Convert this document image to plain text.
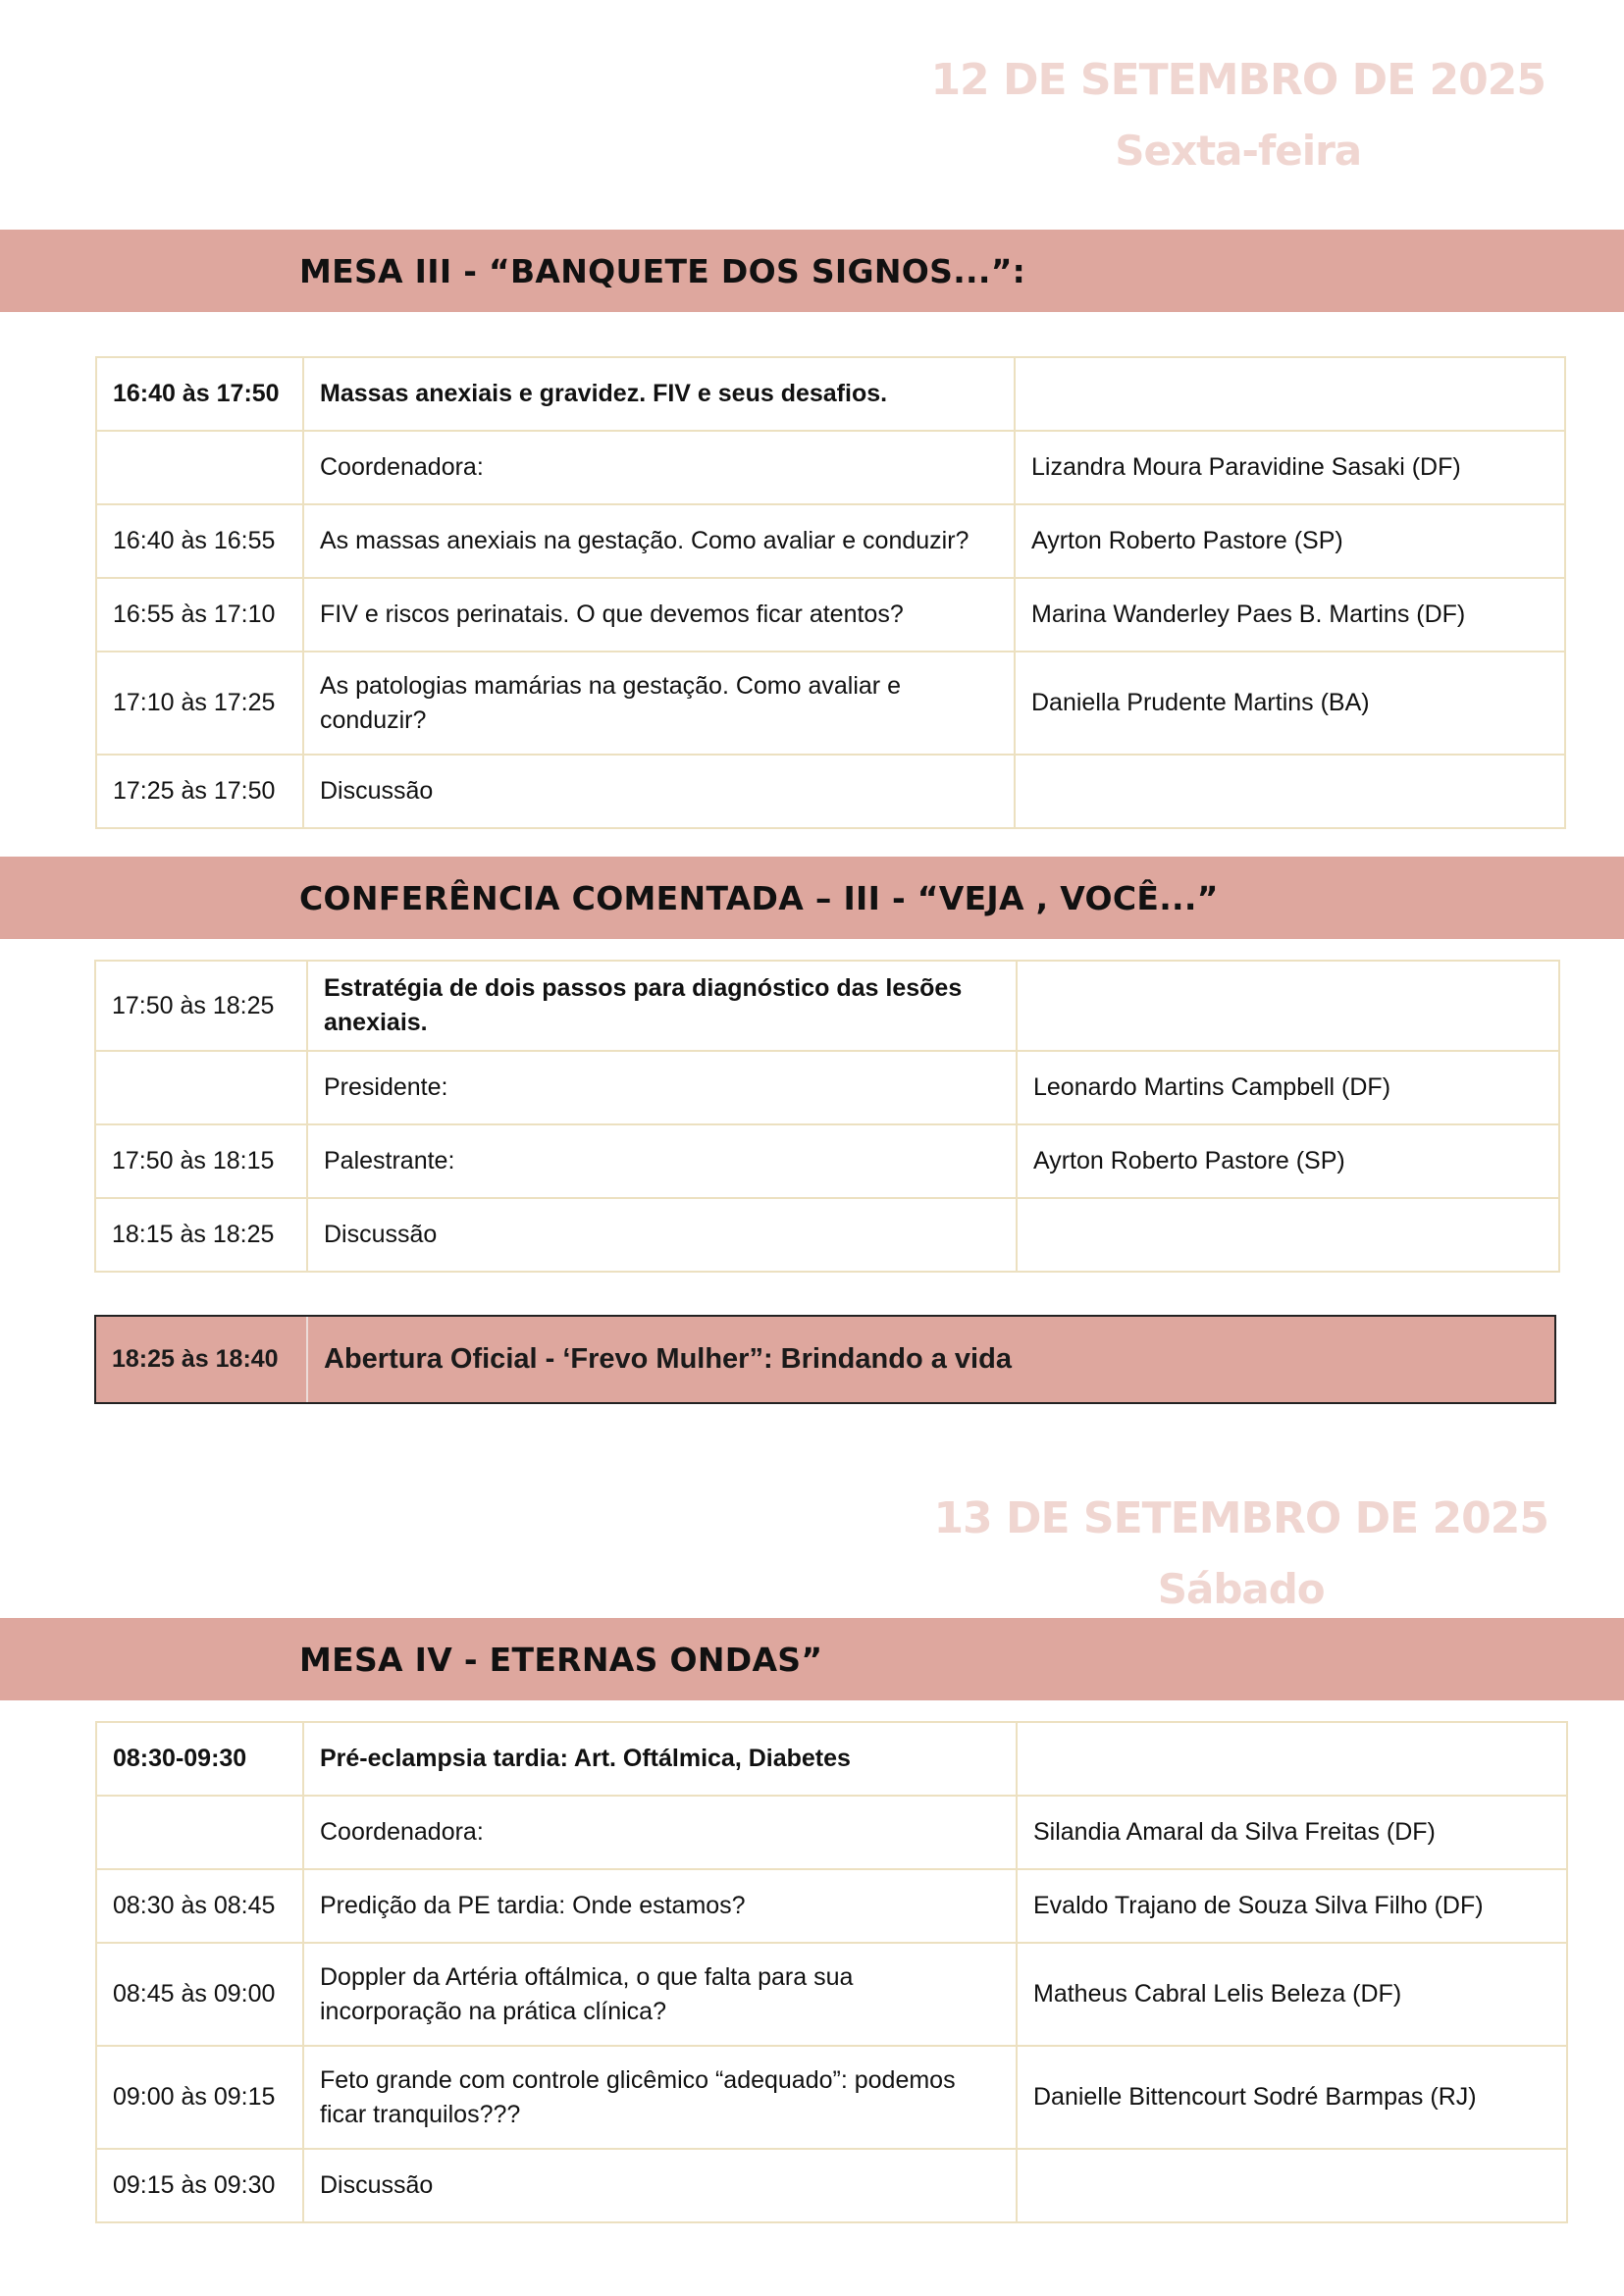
12 DE SETEMBRO DE 2025
Sexta-feira
MESA III - “BANQUETE DOS SIGNOS...”:
16:40 às 17:50	Massas anexiais e gravidez. FIV e seus desafios.	
	Coordenadora:	Lizandra Moura Paravidine Sasaki (DF)
16:40 às 16:55	As massas anexiais na gestação. Como avaliar e conduzir?	Ayrton Roberto Pastore (SP)
16:55 às 17:10	FIV e riscos perinatais. O que devemos ficar atentos?	Marina Wanderley Paes B. Martins (DF)
17:10 às 17:25	As patologias mamárias na gestação. Como avaliar e conduzir?	Daniella Prudente Martins (BA)
17:25 às 17:50	Discussão	
CONFERÊNCIA COMENTADA – III - “VEJA , VOCÊ...”
17:50 às 18:25	Estratégia de dois passos para diagnóstico das lesões anexiais.	
	Presidente:	Leonardo Martins Campbell (DF)
17:50 às 18:15	Palestrante:	Ayrton Roberto Pastore (SP)
18:15 às 18:25	Discussão	
18:25 às 18:40	Abertura Oficial - ‘Frevo Mulher”: Brindando a vida
13 DE SETEMBRO DE 2025
Sábado
MESA IV - ETERNAS ONDAS”
08:30-09:30	Pré-eclampsia tardia: Art. Oftálmica, Diabetes	
	Coordenadora:	Silandia Amaral da Silva Freitas (DF)
08:30 às 08:45	Predição da PE tardia: Onde estamos?	Evaldo Trajano de Souza Silva Filho (DF)
08:45 às 09:00	Doppler da Artéria oftálmica, o que falta para sua incorporação na prática clínica?	Matheus Cabral Lelis Beleza (DF)
09:00 às 09:15	Feto grande com controle glicêmico “adequado”: podemos ficar tranquilos???	Danielle Bittencourt Sodré Barmpas (RJ)
09:15 às 09:30	Discussão	
